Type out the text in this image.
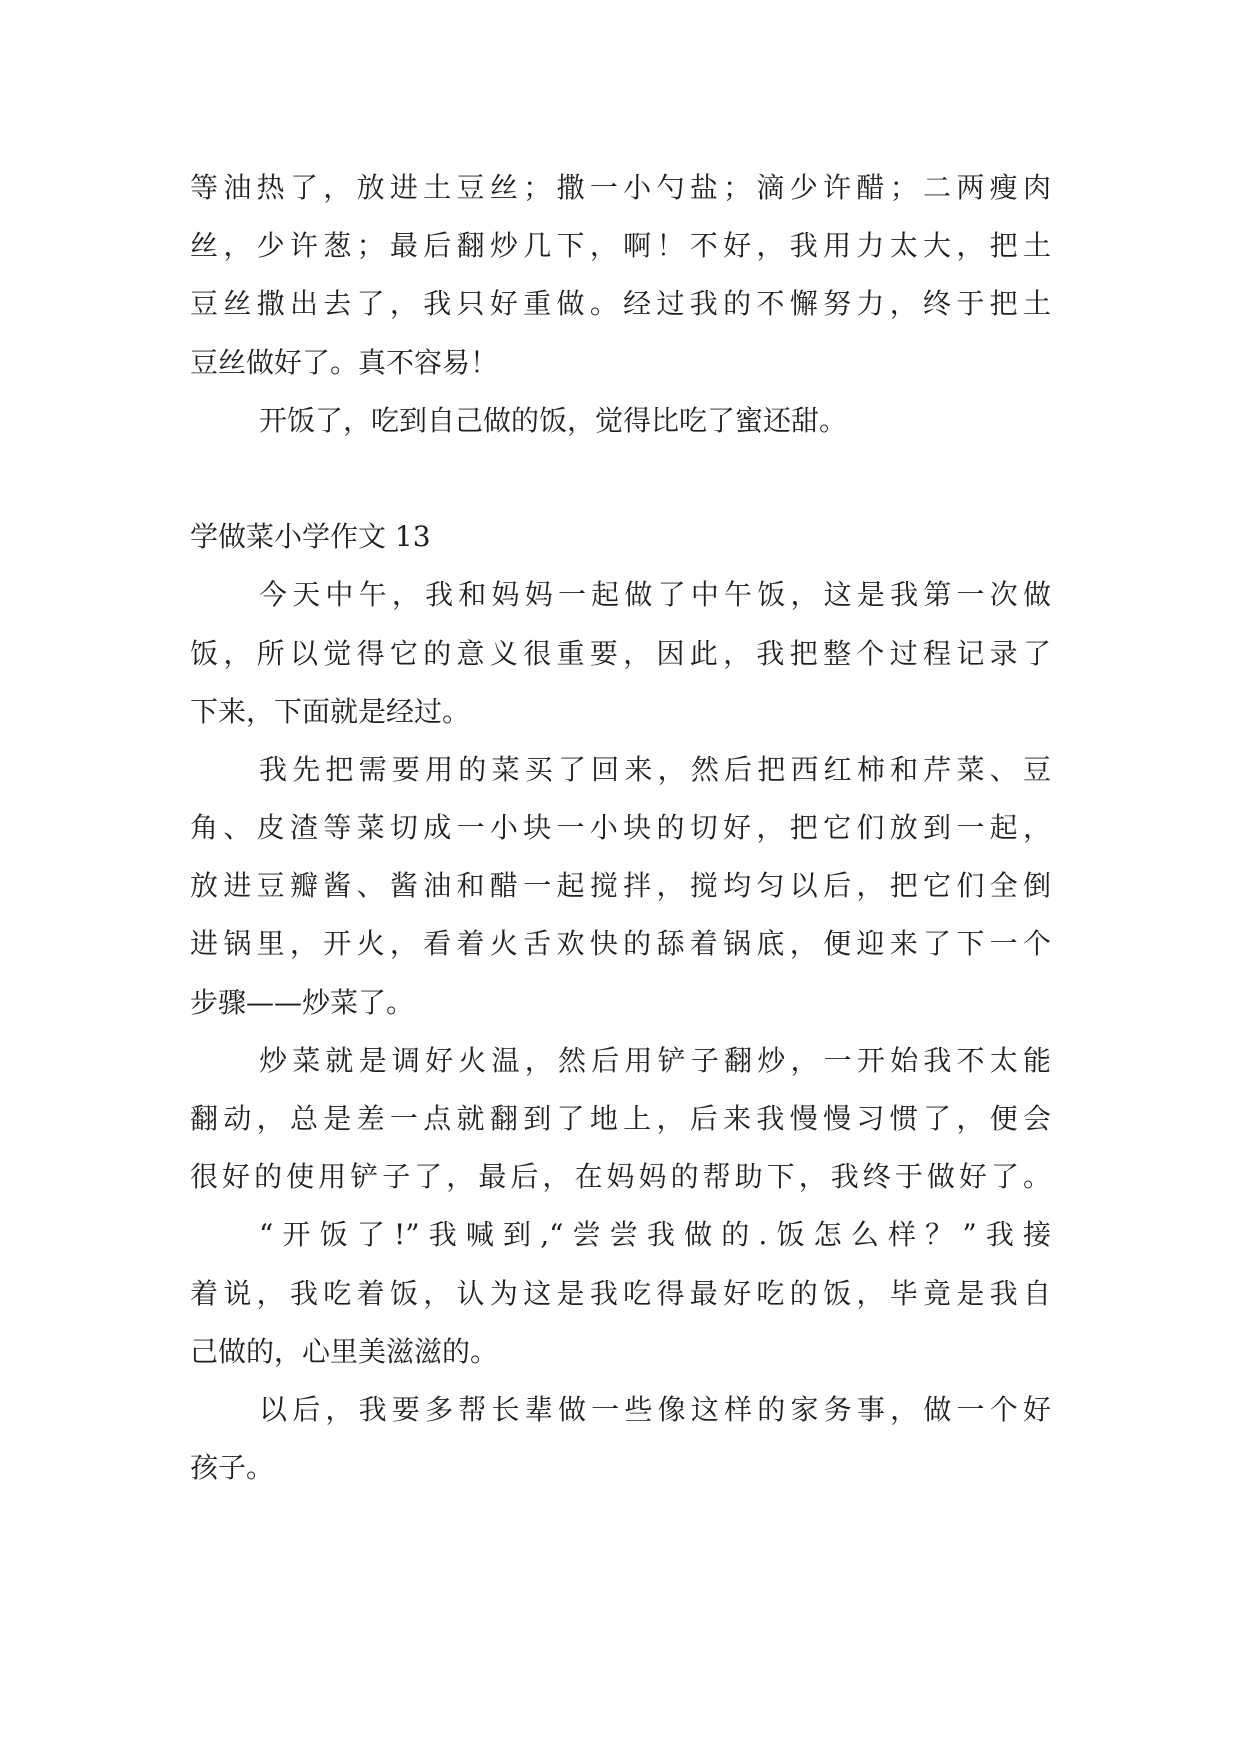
等油热了，放进土豆丝；撒一小勺盐；滴少许醋；二两瘦肉
丝，少许葱；最后翻炒几下，啊！不好，我用力太大，把土
豆丝撒出去了，我只好重做。经过我的不懈努力，终于把土
豆丝做好了。真不容易！
开饭了，吃到自己做的饭，觉得比吃了蜜还甜。
学做菜小学作文 13
今天中午，我和妈妈一起做了中午饭，这是我第一次做
饭，所以觉得它的意义很重要，因此，我把整个过程记录了
下来，下面就是经过。
我先把需要用的菜买了回来，然后把西红柿和芹菜、豆
角、皮渣等菜切成一小块一小块的切好，把它们放到一起，
放进豆瓣酱、酱油和醋一起搅拌，搅均匀以后，把它们全倒
进锅里，开火，看着火舌欢快的舔着锅底，便迎来了下一个
步骤——炒菜了。
炒菜就是调好火温，然后用铲子翻炒，一开始我不太能
翻动，总是差一点就翻到了地上，后来我慢慢习惯了，便会
很好的使用铲子了，最后，在妈妈的帮助下，我终于做好了。
“开饭了!”我喊到,“尝尝我做的.饭怎么样？”我接
着说，我吃着饭，认为这是我吃得最好吃的饭，毕竟是我自
己做的，心里美滋滋的。
以后，我要多帮长辈做一些像这样的家务事，做一个好
孩子。
